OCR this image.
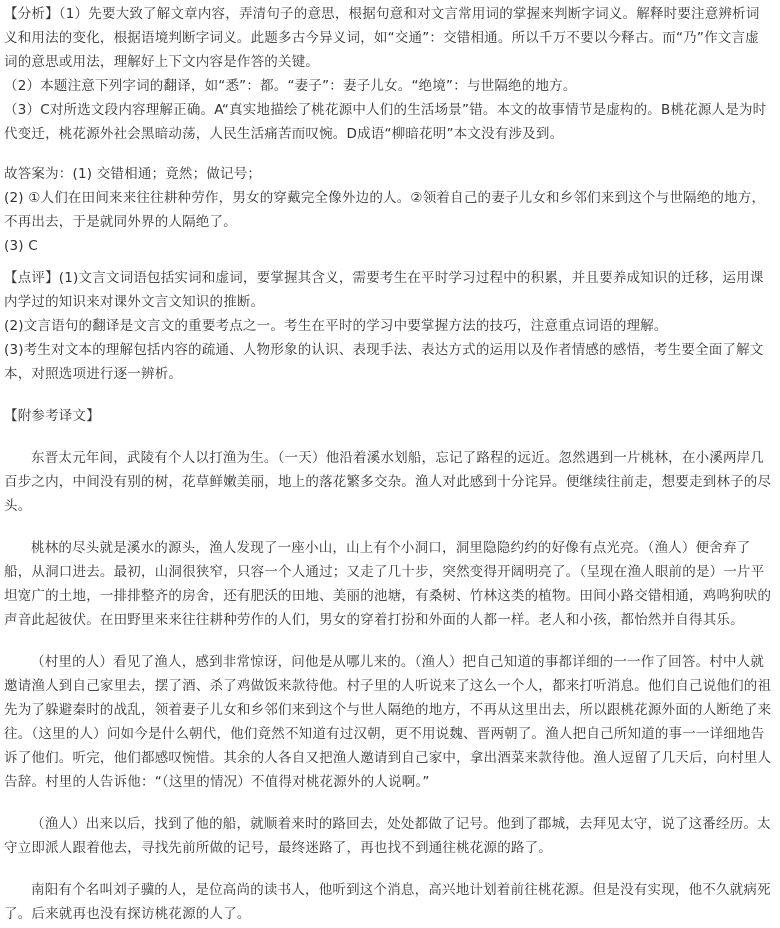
【分析】（1）先要大致了解文章内容，弄清句子的意思，根据句意和对文言常用词的掌握来判断字词义。解释时要注意辨析词义和用法的变化，根据语境判断字词义。此题多古今异义词，如“交通”：交错相通。所以千万不要以今释古。而“乃”作文言虚词的意思或用法，理解好上下文内容是作答的关键。

（2）本题注意下列字词的翻译，如“悉”：都。“妻子”：妻子儿女。“绝境”：与世隔绝的地方。

（3）C对所选文段内容理解正确。A“真实地描绘了桃花源中人们的生活场景”错。本文的故事情节是虚构的。B桃花源人是为时代变迁，桃花源外社会黑暗动荡，人民生活痛苦而叹惋。D成语“柳暗花明”本文没有涉及到。

故答案为：(1) 交错相通；竟然；做记号；

(2) ①人们在田间来来往往耕种劳作，男女的穿戴完全像外边的人。②领着自己的妻子儿女和乡邻们来到这个与世隔绝的地方，不再出去，于是就同外界的人隔绝了。

(3) C

【点评】(1)文言文词语包括实词和虚词，要掌握其含义，需要考生在平时学习过程中的积累，并且要养成知识的迁移，运用课内学过的知识来对课外文言文知识的推断。

(2)文言语句的翻译是文言文的重要考点之一。考生在平时的学习中要掌握方法的技巧，注意重点词语的理解。

(3)考生对文本的理解包括内容的疏通、人物形象的认识、表现手法、表达方式的运用以及作者情感的感悟，考生要全面了解文本，对照选项进行逐一辨析。

【附参考译文】

东晋太元年间，武陵有个人以打渔为生。（一天）他沿着溪水划船，忘记了路程的远近。忽然遇到一片桃林，在小溪两岸几百步之内，中间没有别的树，花草鲜嫩美丽，地上的落花繁多交杂。渔人对此感到十分诧异。便继续往前走，想要走到林子的尽头。

桃林的尽头就是溪水的源头，渔人发现了一座小山，山上有个小洞口，洞里隐隐约约的好像有点光亮。（渔人）便舍弃了船，从洞口进去。最初，山洞很狭窄，只容一个人通过；又走了几十步，突然变得开阔明亮了。（呈现在渔人眼前的是）一片平坦宽广的土地，一排排整齐的房舍，还有肥沃的田地、美丽的池塘，有桑树、竹林这类的植物。田间小路交错相通，鸡鸣狗吠的声音此起彼伏。在田野里来来往往耕种劳作的人们，男女的穿着打扮和外面的人都一样。老人和小孩，都怡然并自得其乐。

（村里的人）看见了渔人，感到非常惊讶，问他是从哪儿来的。（渔人）把自己知道的事都详细的一一作了回答。村中人就邀请渔人到自己家里去，摆了酒、杀了鸡做饭来款待他。村子里的人听说来了这么一个人，都来打听消息。他们自己说他们的祖先为了躲避秦时的战乱，领着妻子儿女和乡邻们来到这个与世人隔绝的地方，不再从这里出去，所以跟桃花源外面的人断绝了来往。（这里的人）问如今是什么朝代，他们竟然不知道有过汉朝，更不用说魏、晋两朝了。渔人把自己所知道的事一一详细地告诉了他们。听完，他们都感叹惋惜。其余的人各自又把渔人邀请到自己家中，拿出酒菜来款待他。渔人逗留了几天后，向村里人告辞。村里的人告诉他：“（这里的情况）不值得对桃花源外的人说啊。”

（渔人）出来以后，找到了他的船，就顺着来时的路回去，处处都做了记号。他到了郡城，去拜见太守，说了这番经历。太守立即派人跟着他去，寻找先前所做的记号，最终迷路了，再也找不到通往桃花源的路了。

南阳有个名叫刘子骥的人，是位高尚的读书人，他听到这个消息，高兴地计划着前往桃花源。但是没有实现，他不久就病死了。后来就再也没有探访桃花源的人了。
